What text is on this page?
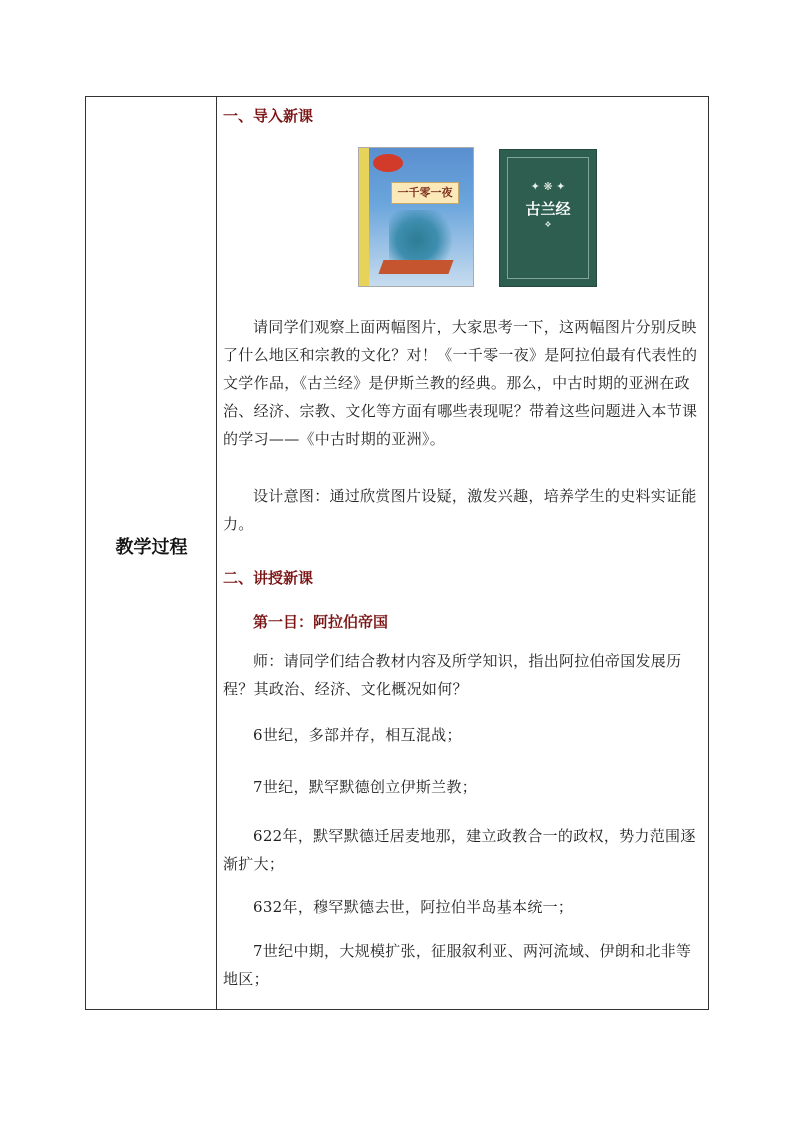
教学过程
一、导入新课
一千零一夜	✦ ❋ ✦
古兰经
❖

请同学们观察上面两幅图片，大家思考一下，这两幅图片分别反映了什么地区和宗教的文化？对！《一千零一夜》是阿拉伯最有代表性的文学作品，《古兰经》是伊斯兰教的经典。那么，中古时期的亚洲在政治、经济、宗教、文化等方面有哪些表现呢？带着这些问题进入本节课的学习——《中古时期的亚洲》。

设计意图：通过欣赏图片设疑，激发兴趣，培养学生的史料实证能力。

二、讲授新课
第一目：阿拉伯帝国

师：请同学们结合教材内容及所学知识，指出阿拉伯帝国发展历程？其政治、经济、文化概况如何？

6世纪，多部并存，相互混战；

7世纪，默罕默德创立伊斯兰教；

622年，默罕默德迁居麦地那，建立政教合一的政权，势力范围逐渐扩大；

632年，穆罕默德去世，阿拉伯半岛基本统一；

7世纪中期，大规模扩张，征服叙利亚、两河流域、伊朗和北非等地区；
